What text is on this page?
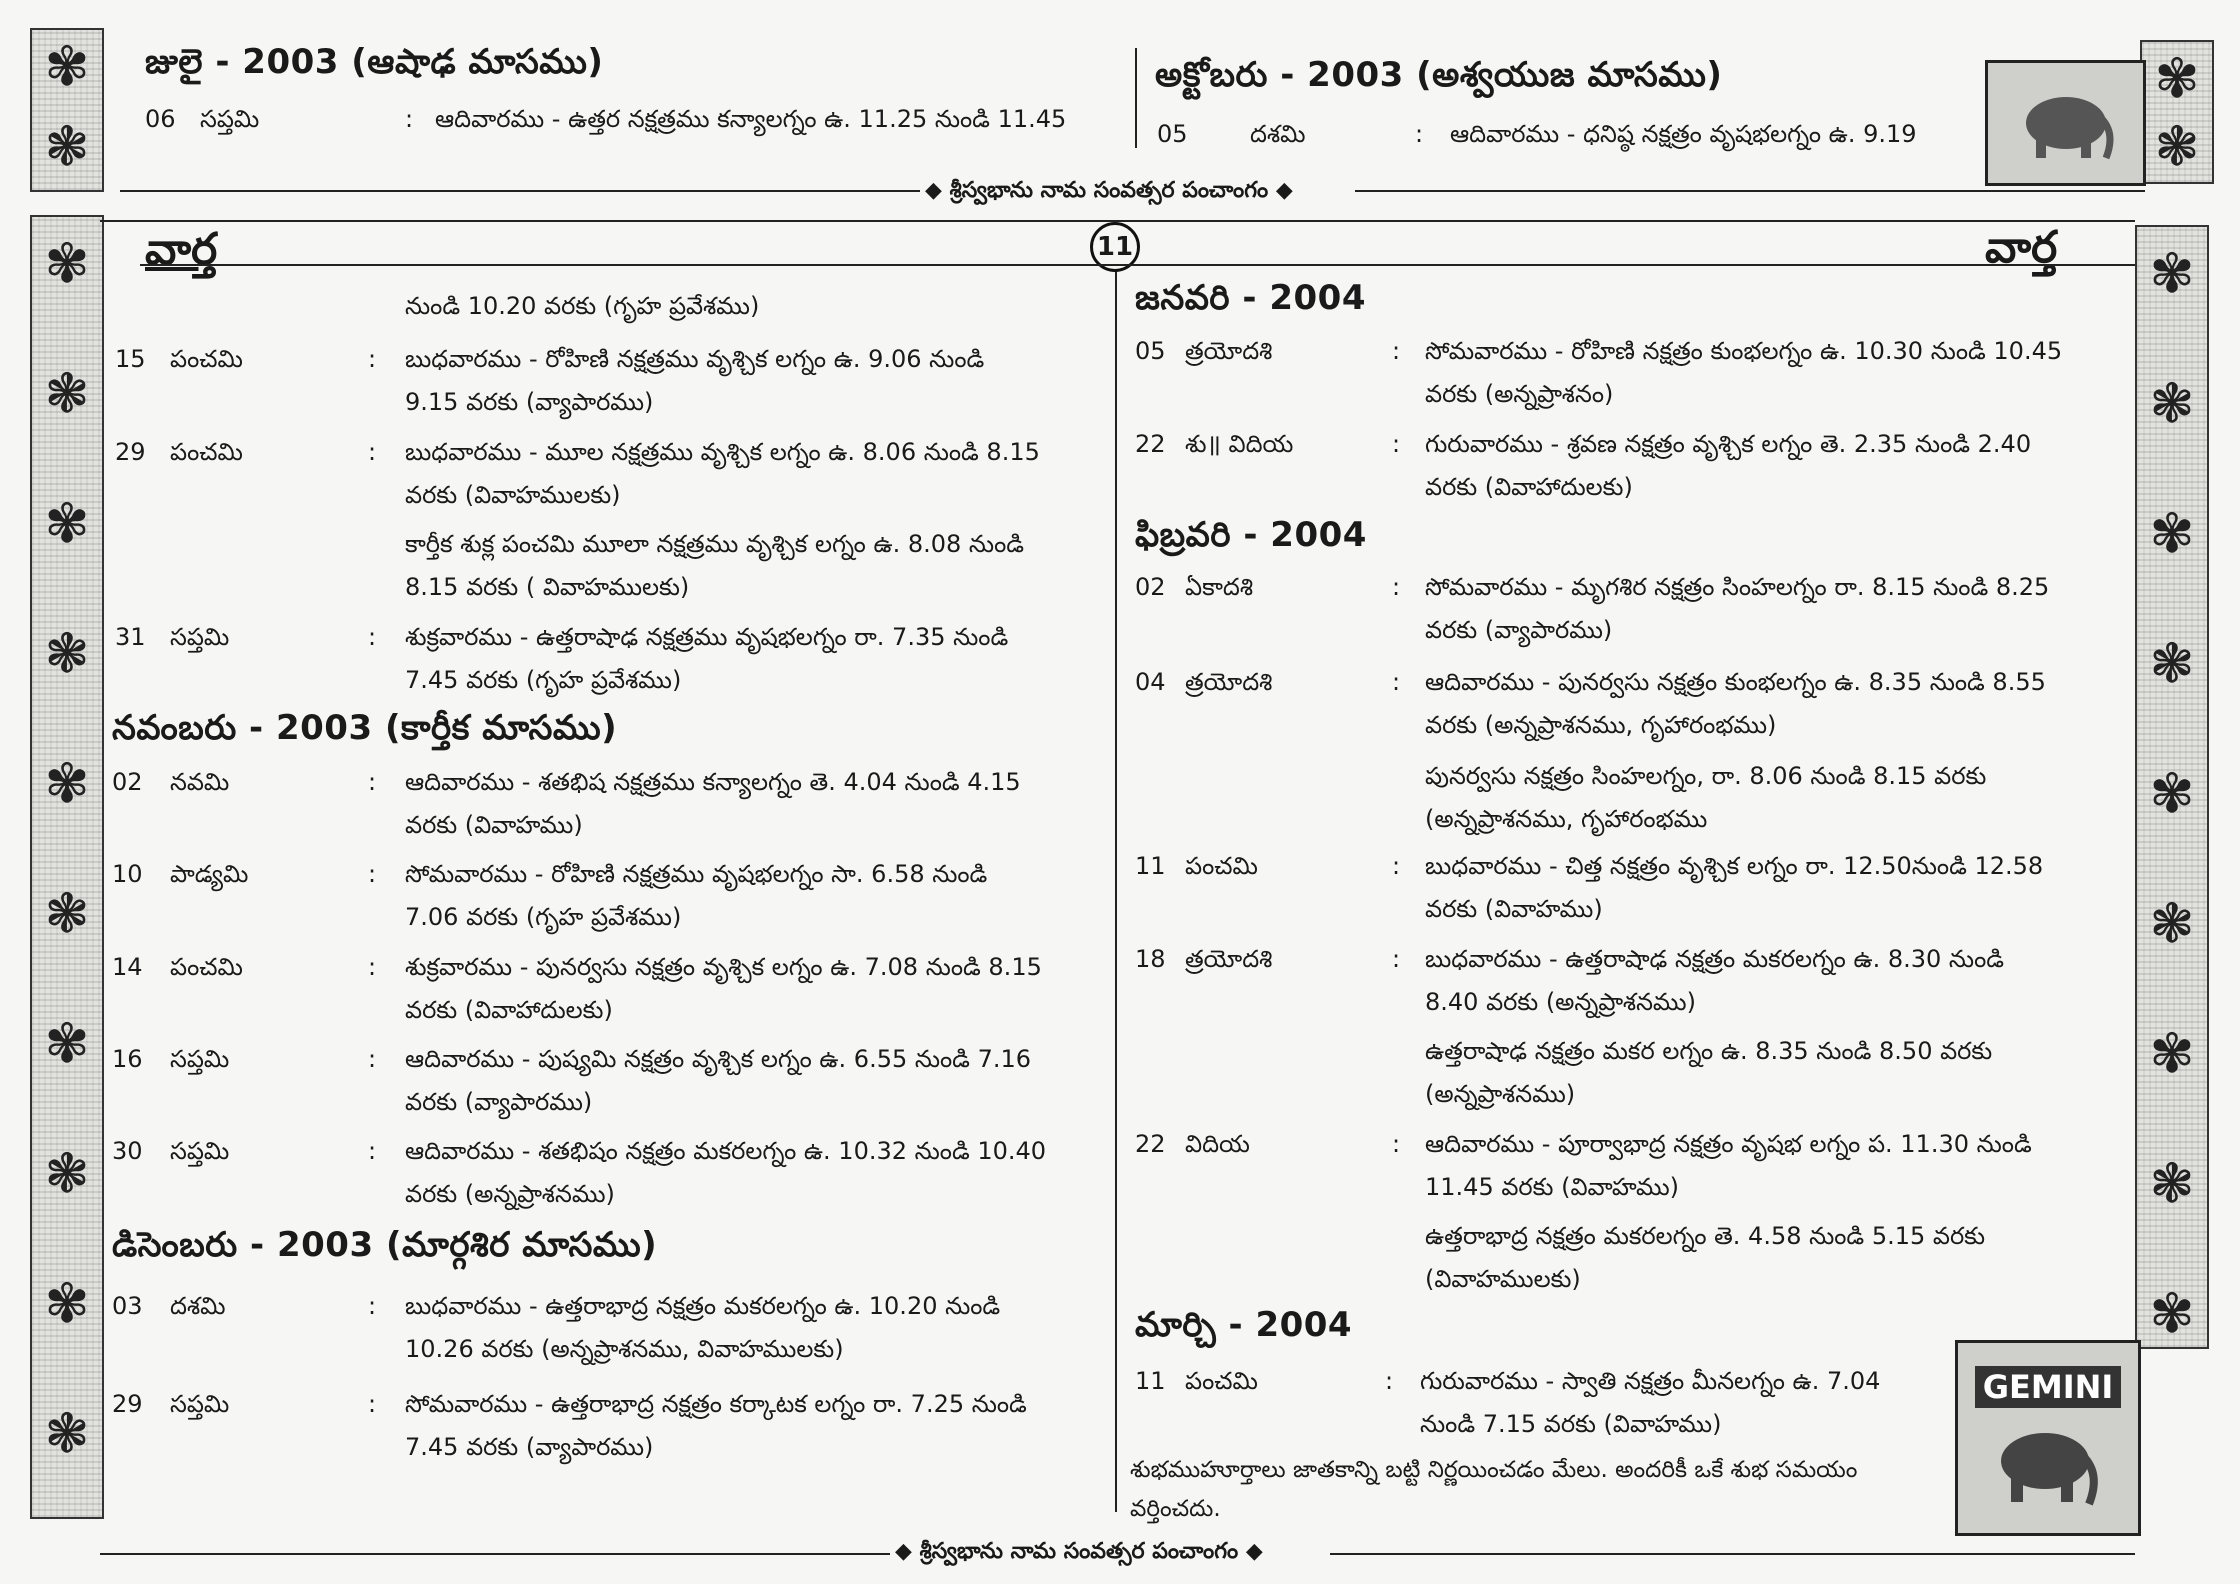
✾
❃
✾
❃
✾
❃
✾
❃
✾
❃
✾
❃
✾
❃
✾
❃
✾
❃
✾
❃
✾
❃
✾
జులై - 2003 (ఆషాఢ మాసము)
06 సప్తమి	: ఆదివారము - ఉత్తర నక్షత్రము కన్యాలగ్నం ఉ. 11.25 నుండి 11.45
అక్టోబరు - 2003 (అశ్వయుజ మాసము)
05	దశమి	: ఆదివారము - ధనిష్ఠ నక్షత్రం వృషభలగ్నం ఉ. 9.19
◆ శ్రీస్వభాను నామ సంవత్సర పంచాంగం ◆
వార్త	11	వార్త
నుండి 10.20 వరకు (గృహ ప్రవేశము)
15 పంచమి	: బుధవారము - రోహిణి నక్షత్రము వృశ్చిక లగ్నం ఉ. 9.06 నుండి
9.15 వరకు (వ్యాపారము)
29 పంచమి	: బుధవారము - మూల నక్షత్రము వృశ్చిక లగ్నం ఉ. 8.06 నుండి 8.15
వరకు (వివాహములకు)
కార్తీక శుక్ల పంచమి మూలా నక్షత్రము వృశ్చిక లగ్నం ఉ. 8.08 నుండి
8.15 వరకు ( వివాహములకు)
31 సప్తమి	: శుక్రవారము - ఉత్తరాషాఢ నక్షత్రము వృషభలగ్నం రా. 7.35 నుండి
7.45 వరకు (గృహ ప్రవేశము)
నవంబరు - 2003 (కార్తీక మాసము)
02 నవమి	: ఆదివారము - శతభిష నక్షత్రము కన్యాలగ్నం తె. 4.04 నుండి 4.15
వరకు (వివాహము)
10 పాడ్యమి	: సోమవారము - రోహిణి నక్షత్రము వృషభలగ్నం సా. 6.58 నుండి
7.06 వరకు (గృహ ప్రవేశము)
14 పంచమి	: శుక్రవారము - పునర్వసు నక్షత్రం వృశ్చిక లగ్నం ఉ. 7.08 నుండి 8.15
వరకు (వివాహాదులకు)
16 సప్తమి	: ఆదివారము - పుష్యమి నక్షత్రం వృశ్చిక లగ్నం ఉ. 6.55 నుండి 7.16
వరకు (వ్యాపారము)
30 సప్తమి	: ఆదివారము - శతభిషం నక్షత్రం మకరలగ్నం ఉ. 10.32 నుండి 10.40
వరకు (అన్నప్రాశనము)
డిసెంబరు - 2003 (మార్గశిర మాసము)
03 దశమి	: బుధవారము - ఉత్తరాభాద్ర నక్షత్రం మకరలగ్నం ఉ. 10.20 నుండి
10.26 వరకు (అన్నప్రాశనము, వివాహములకు)
29 సప్తమి	: సోమవారము - ఉత్తరాభాద్ర నక్షత్రం కర్కాటక లగ్నం రా. 7.25 నుండి
7.45 వరకు (వ్యాపారము)
జనవరి - 2004
05 త్రయోదశి	: సోమవారము - రోహిణి నక్షత్రం కుంభలగ్నం ఉ. 10.30 నుండి 10.45
వరకు (అన్నప్రాశనం)
22 శు॥ విదియ	: గురువారము - శ్రవణ నక్షత్రం వృశ్చిక లగ్నం తె. 2.35 నుండి 2.40
వరకు (వివాహాదులకు)
ఫిబ్రవరి - 2004
02 ఏకాదశి	: సోమవారము - మృగశిర నక్షత్రం సింహలగ్నం రా. 8.15 నుండి 8.25
వరకు (వ్యాపారము)
04 త్రయోదశి	: ఆదివారము - పునర్వసు నక్షత్రం కుంభలగ్నం ఉ. 8.35 నుండి 8.55
వరకు (అన్నప్రాశనము, గృహారంభము)
పునర్వసు నక్షత్రం సింహలగ్నం, రా. 8.06 నుండి 8.15 వరకు
(అన్నప్రాశనము, గృహారంభము
11 పంచమి	: బుధవారము - చిత్త నక్షత్రం వృశ్చిక లగ్నం రా. 12.50నుండి 12.58
వరకు (వివాహము)
18 త్రయోదశి	: బుధవారము - ఉత్తరాషాఢ నక్షత్రం మకరలగ్నం ఉ. 8.30 నుండి
8.40 వరకు (అన్నప్రాశనము)
ఉత్తరాషాఢ నక్షత్రం మకర లగ్నం ఉ. 8.35 నుండి 8.50 వరకు
(అన్నప్రాశనము)
22 విదియ	: ఆదివారము - పూర్వాభాద్ర నక్షత్రం వృషభ లగ్నం ప. 11.30 నుండి
11.45 వరకు (వివాహము)
ఉత్తరాభాద్ర నక్షత్రం మకరలగ్నం తె. 4.58 నుండి 5.15 వరకు
(వివాహములకు)
మార్చి - 2004
11 పంచమి	: గురువారము - స్వాతి నక్షత్రం మీనలగ్నం ఉ. 7.04
నుండి 7.15 వరకు (వివాహము)
శుభముహూర్తాలు జాతకాన్ని బట్టి నిర్ణయించడం మేలు. అందరికీ ఒకే శుభ సమయం
వర్తించదు.
GEMINI
◆ శ్రీస్వభాను నామ సంవత్సర పంచాంగం ◆
